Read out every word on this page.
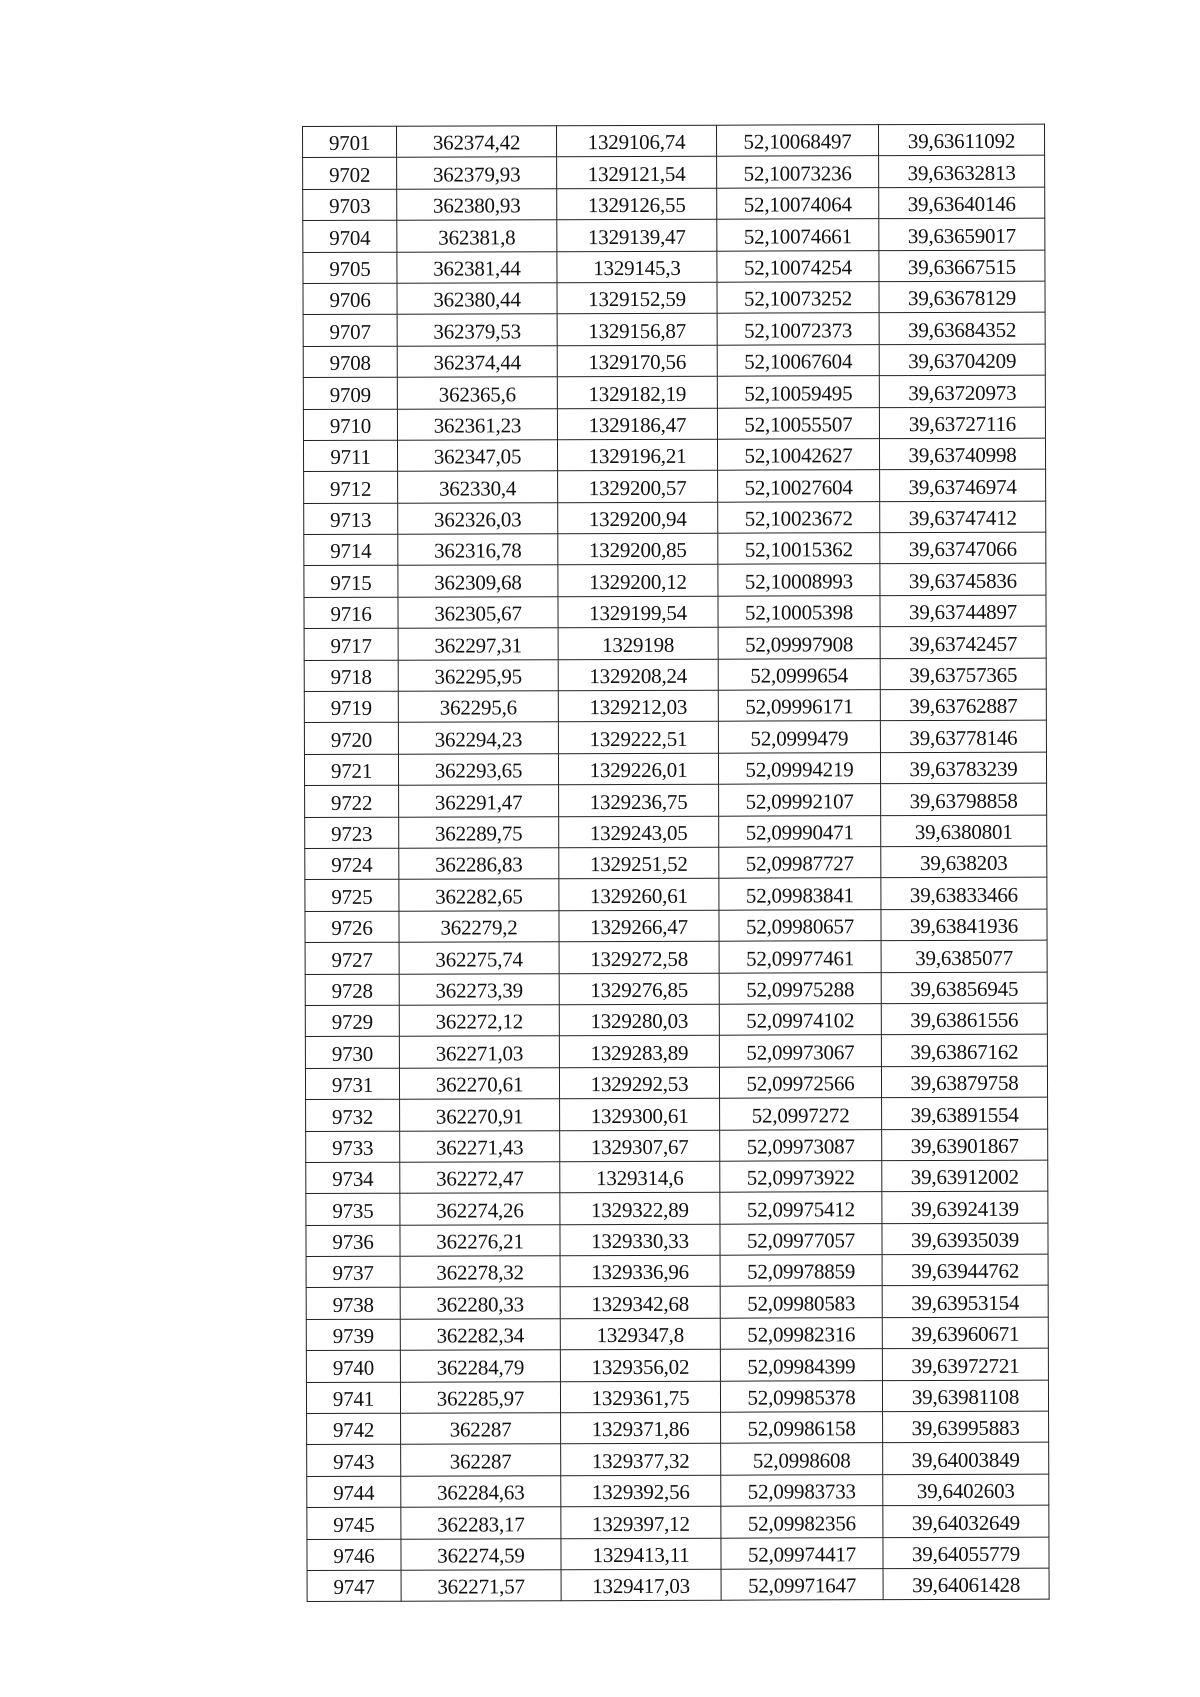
9701	362374,42	1329106,74	52,10068497	39,63611092
9702	362379,93	1329121,54	52,10073236	39,63632813
9703	362380,93	1329126,55	52,10074064	39,63640146
9704	362381,8	1329139,47	52,10074661	39,63659017
9705	362381,44	1329145,3	52,10074254	39,63667515
9706	362380,44	1329152,59	52,10073252	39,63678129
9707	362379,53	1329156,87	52,10072373	39,63684352
9708	362374,44	1329170,56	52,10067604	39,63704209
9709	362365,6	1329182,19	52,10059495	39,63720973
9710	362361,23	1329186,47	52,10055507	39,63727116
9711	362347,05	1329196,21	52,10042627	39,63740998
9712	362330,4	1329200,57	52,10027604	39,63746974
9713	362326,03	1329200,94	52,10023672	39,63747412
9714	362316,78	1329200,85	52,10015362	39,63747066
9715	362309,68	1329200,12	52,10008993	39,63745836
9716	362305,67	1329199,54	52,10005398	39,63744897
9717	362297,31	1329198	52,09997908	39,63742457
9718	362295,95	1329208,24	52,0999654	39,63757365
9719	362295,6	1329212,03	52,09996171	39,63762887
9720	362294,23	1329222,51	52,0999479	39,63778146
9721	362293,65	1329226,01	52,09994219	39,63783239
9722	362291,47	1329236,75	52,09992107	39,63798858
9723	362289,75	1329243,05	52,09990471	39,6380801
9724	362286,83	1329251,52	52,09987727	39,638203
9725	362282,65	1329260,61	52,09983841	39,63833466
9726	362279,2	1329266,47	52,09980657	39,63841936
9727	362275,74	1329272,58	52,09977461	39,6385077
9728	362273,39	1329276,85	52,09975288	39,63856945
9729	362272,12	1329280,03	52,09974102	39,63861556
9730	362271,03	1329283,89	52,09973067	39,63867162
9731	362270,61	1329292,53	52,09972566	39,63879758
9732	362270,91	1329300,61	52,0997272	39,63891554
9733	362271,43	1329307,67	52,09973087	39,63901867
9734	362272,47	1329314,6	52,09973922	39,63912002
9735	362274,26	1329322,89	52,09975412	39,63924139
9736	362276,21	1329330,33	52,09977057	39,63935039
9737	362278,32	1329336,96	52,09978859	39,63944762
9738	362280,33	1329342,68	52,09980583	39,63953154
9739	362282,34	1329347,8	52,09982316	39,63960671
9740	362284,79	1329356,02	52,09984399	39,63972721
9741	362285,97	1329361,75	52,09985378	39,63981108
9742	362287	1329371,86	52,09986158	39,63995883
9743	362287	1329377,32	52,0998608	39,64003849
9744	362284,63	1329392,56	52,09983733	39,6402603
9745	362283,17	1329397,12	52,09982356	39,64032649
9746	362274,59	1329413,11	52,09974417	39,64055779
9747	362271,57	1329417,03	52,09971647	39,64061428
